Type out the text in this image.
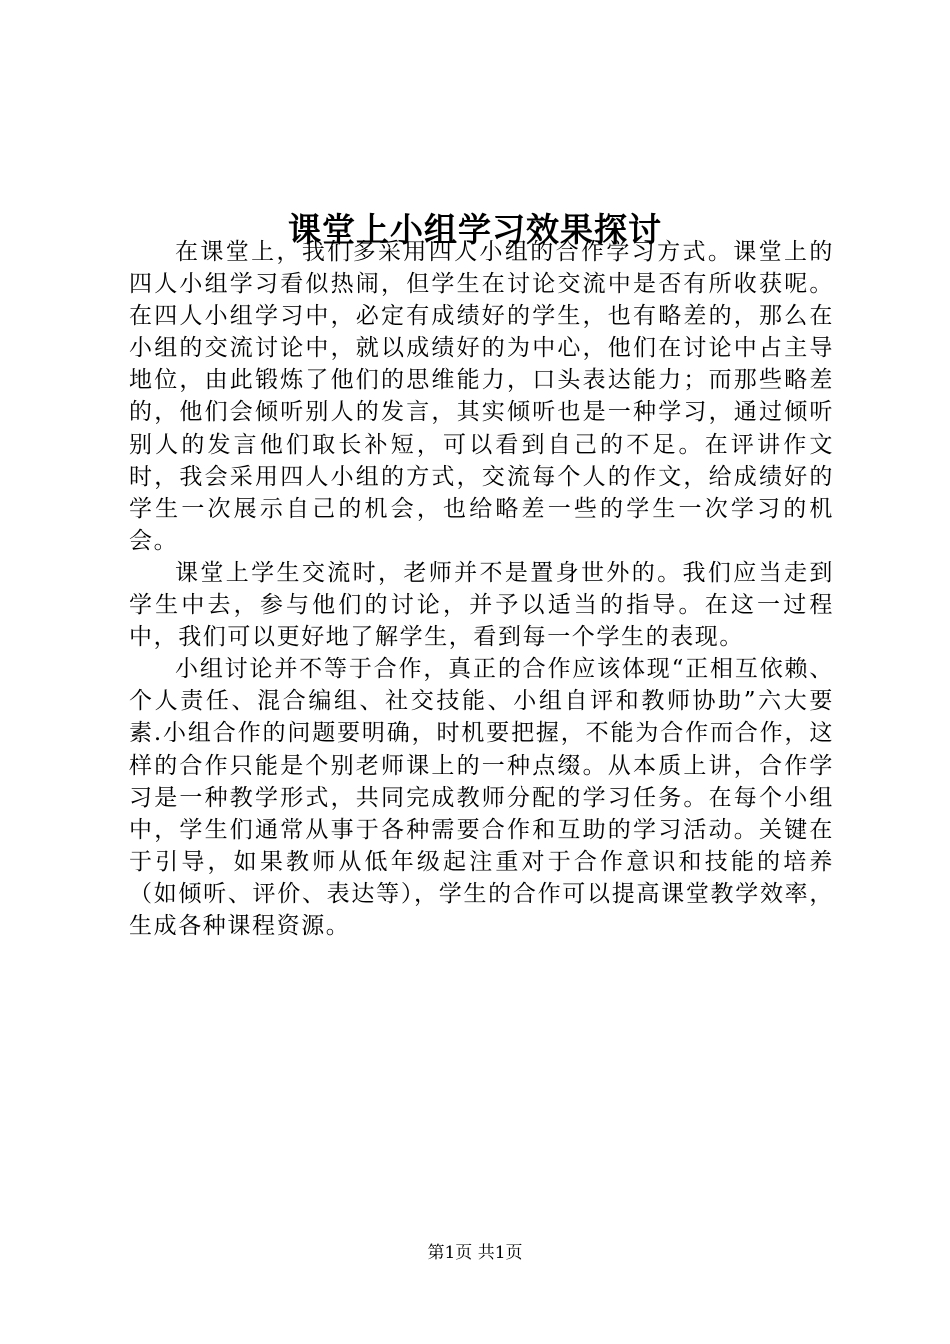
课堂上小组学习效果探讨

在课堂上，我们多采用四人小组的合作学习方式。课堂上的四人小组学习看似热闹，但学生在讨论交流中是否有所收获呢。在四人小组学习中，必定有成绩好的学生，也有略差的，那么在小组的交流讨论中，就以成绩好的为中心，他们在讨论中占主导地位，由此锻炼了他们的思维能力，口头表达能力；而那些略差的，他们会倾听别人的发言，其实倾听也是一种学习，通过倾听别人的发言他们取长补短，可以看到自己的不足。在评讲作文时，我会采用四人小组的方式，交流每个人的作文，给成绩好的学生一次展示自己的机会，也给略差一些的学生一次学习的机会。

课堂上学生交流时，老师并不是置身世外的。我们应当走到学生中去，参与他们的讨论，并予以适当的指导。在这一过程中，我们可以更好地了解学生，看到每一个学生的表现。

小组讨论并不等于合作，真正的合作应该体现“正相互依赖、个人责任、混合编组、社交技能、小组自评和教师协助”六大要素.小组合作的问题要明确，时机要把握，不能为合作而合作，这样的合作只能是个别老师课上的一种点缀。从本质上讲，合作学习是一种教学形式，共同完成教师分配的学习任务。在每个小组中，学生们通常从事于各种需要合作和互助的学习活动。关键在于引导，如果教师从低年级起注重对于合作意识和技能的培养（如倾听、评价、表达等），学生的合作可以提高课堂教学效率，生成各种课程资源。

第1页 共1页
